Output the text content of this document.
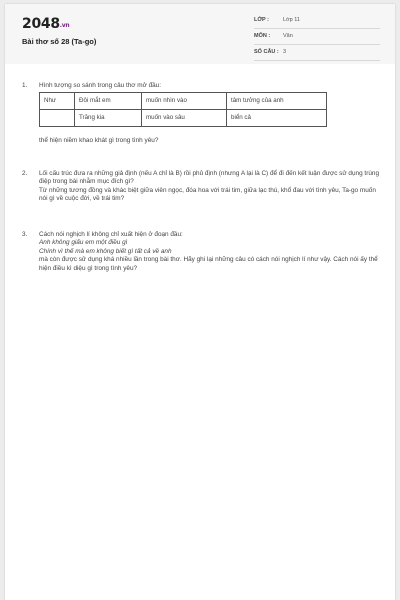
2048.vn
Bài thơ số 28 (Ta-go)
LỚP :	Lớp 11
MÔN : Văn
SỐ CÂU : 3
1. Hình tượng so sánh trong câu thơ mở đầu:
Như	Đôi mắt em	muốn nhìn vào	tâm tưởng của anh
	Trăng kia	muốn vào sâu	biển cả
thể hiện niềm khao khát gì trong tình yêu?
2. Lối cấu trúc đưa ra những giả định (nếu A chỉ là B) rồi phủ định (nhưng A lại là C) để đi đến kết luận được sử dụng trùng điệp trong bài nhằm mục đích gì?

Từ những tương đồng và khác biệt giữa viên ngọc, đóa hoa với trái tim, giữa lạc thú, khổ đau với tình yêu, Ta-go muốn nói gì về cuộc đời, về trái tim?

3. Cách nói nghịch lí không chỉ xuất hiện ở đoạn đầu:

Anh không giấu em một điều gì

Chính vì thế mà em không biết gì tất cả về anh

mà còn được sử dụng khá nhiều lần trong bài thơ. Hãy ghi lại những câu có cách nói nghịch lí như vậy. Cách nói ấy thể hiện điều kì diệu gì trong tình yêu?
